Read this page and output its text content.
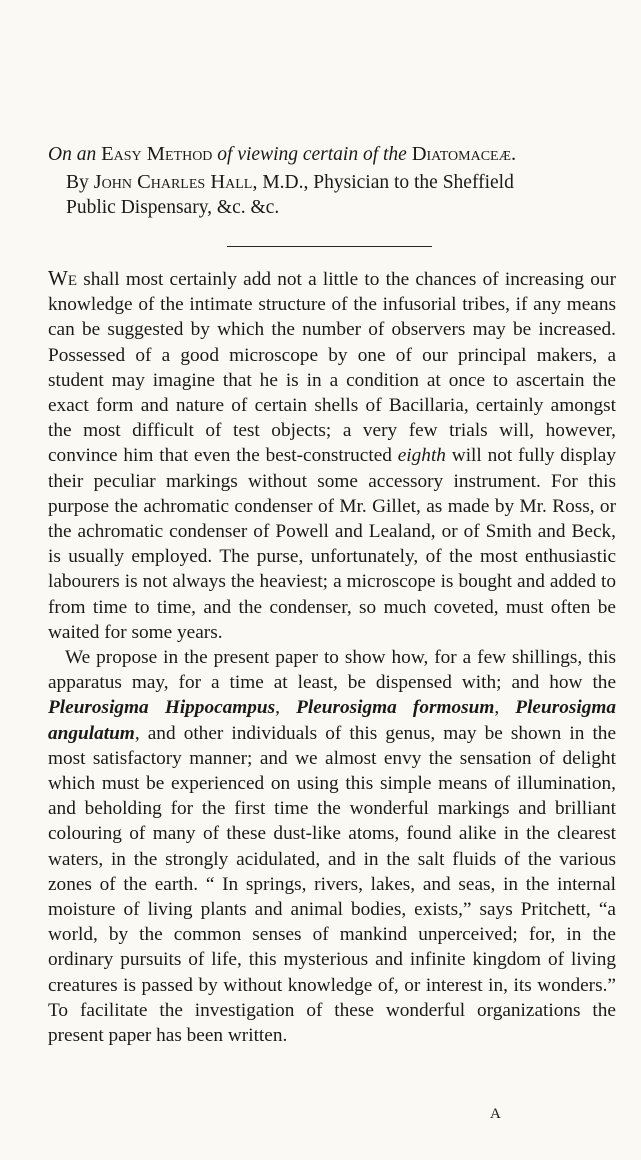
On an Easy Method of viewing certain of the Diatomaceæ.

By John Charles Hall, M.D., Physician to the Sheffield

Public Dispensary, &c. &c.

We shall most certainly add not a little to the chances of increasing our knowledge of the intimate structure of the infusorial tribes, if any means can be suggested by which the number of observers may be increased. Possessed of a good microscope by one of our principal makers, a student may imagine that he is in a condition at once to ascertain the exact form and nature of certain shells of Bacillaria, certainly amongst the most difficult of test objects; a very few trials will, however, convince him that even the best-constructed eighth will not fully display their peculiar markings without some accessory instrument. For this purpose the achromatic condenser of Mr. Gillet, as made by Mr. Ross, or the achromatic condenser of Powell and Lealand, or of Smith and Beck, is usually employed. The purse, unfortunately, of the most enthusiastic labourers is not always the heaviest; a microscope is bought and added to from time to time, and the condenser, so much coveted, must often be waited for some years.

We propose in the present paper to show how, for a few shillings, this apparatus may, for a time at least, be dispensed with; and how the Pleurosigma Hippocampus, Pleurosigma formosum, Pleurosigma angulatum, and other individuals of this genus, may be shown in the most satisfactory manner; and we almost envy the sensation of delight which must be experienced on using this simple means of illumination, and beholding for the first time the wonderful markings and brilliant colouring of many of these dust-like atoms, found alike in the clearest waters, in the strongly acidulated, and in the salt fluids of the various zones of the earth. “ In springs, rivers, lakes, and seas, in the internal moisture of living plants and animal bodies, exists,” says Pritchett, “a world, by the common senses of mankind unperceived; for, in the ordinary pursuits of life, this mysterious and infinite kingdom of living creatures is passed by without knowledge of, or interest in, its wonders.” To facilitate the investigation of these wonderful organizations the present paper has been written.

A
